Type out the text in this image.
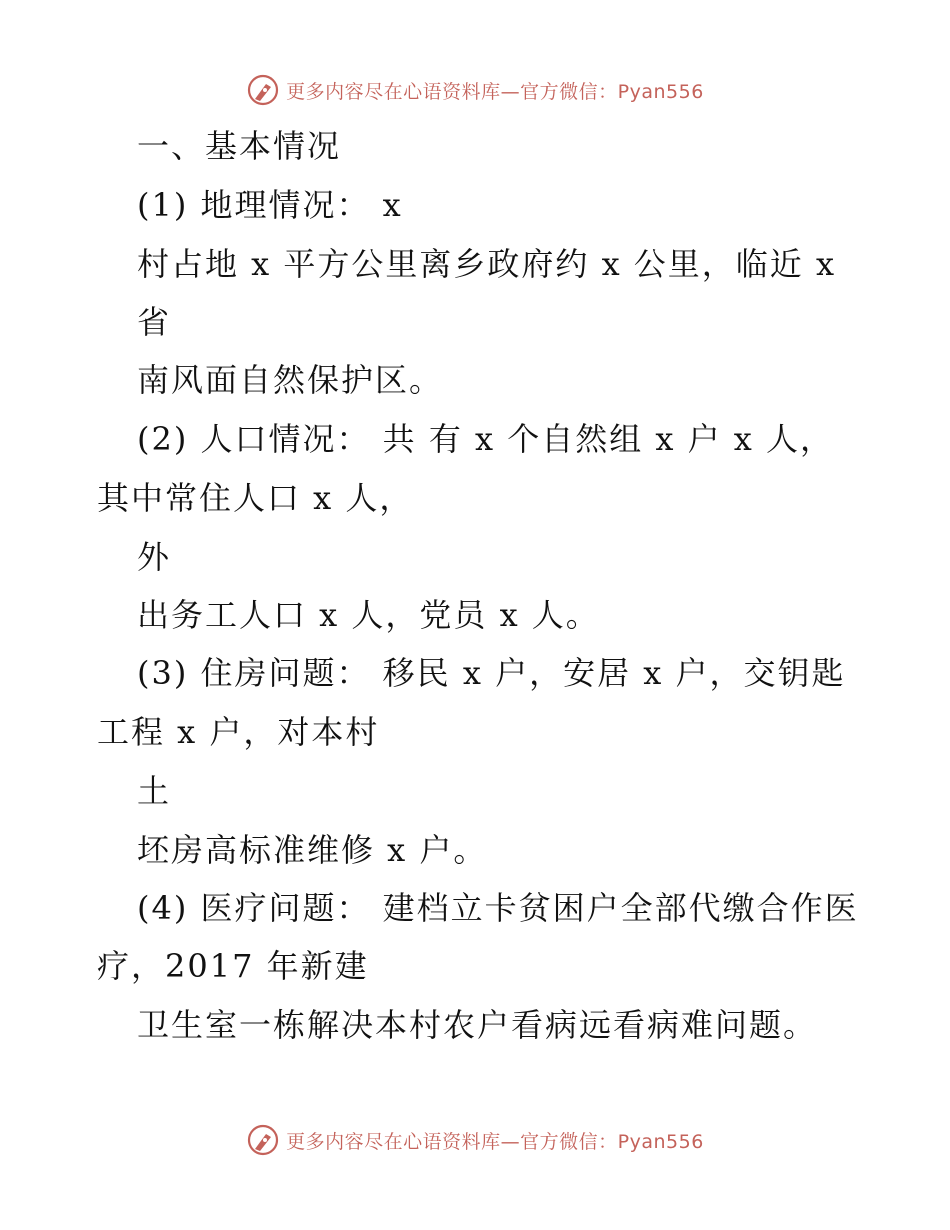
更多内容尽在心语资料库—官方微信：Pyan556
一、基本情况
(1) 地理情况： x
村占地 x 平方公里离乡政府约 x 公里，临近 x
省
南风面自然保护区。
(2) 人口情况： 共 有 x 个自然组 x 户 x 人，
其中常住人口 x 人，
外
出务工人口 x 人，党员 x 人。
(3) 住房问题： 移民 x 户，安居 x 户，交钥匙
工程 x 户，对本村
土
坯房高标准维修 x 户。
(4) 医疗问题： 建档立卡贫困户全部代缴合作医
疗，2017 年新建
卫生室一栋解决本村农户看病远看病难问题。
更多内容尽在心语资料库—官方微信：Pyan556
